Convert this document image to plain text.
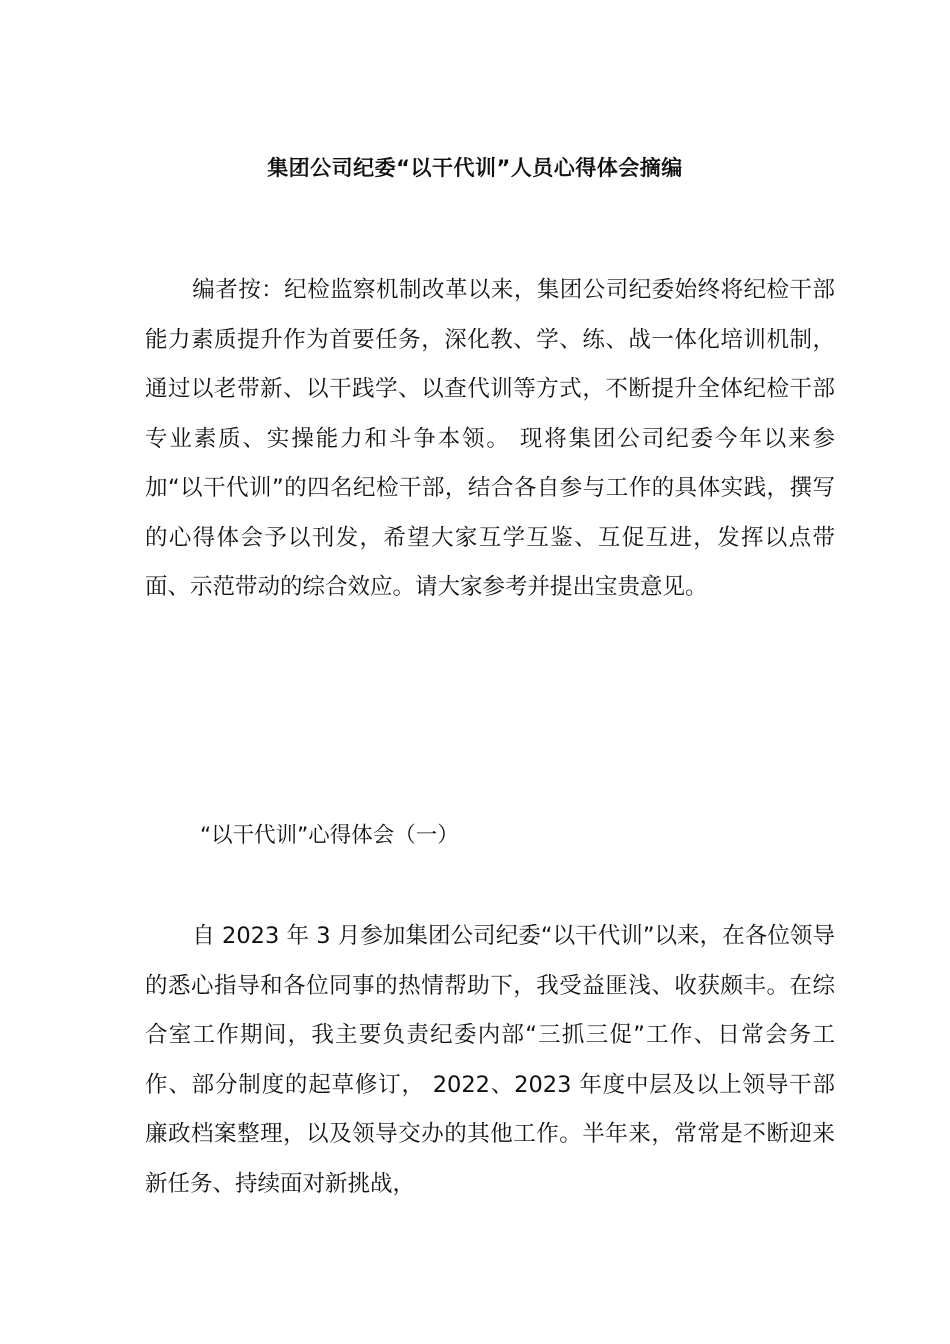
集团公司纪委“以干代训”人员心得体会摘编

编者按：纪检监察机制改革以来，集团公司纪委始终将纪检干部能力素质提升作为首要任务，深化教、学、练、战一体化培训机制，通过以老带新、以干践学、以查代训等方式，不断提升全体纪检干部专业素质、实操能力和斗争本领。 现将集团公司纪委今年以来参加“以干代训”的四名纪检干部，结合各自参与工作的具体实践，撰写的心得体会予以刊发，希望大家互学互鉴、互促互进，发挥以点带面、示范带动的综合效应。请大家参考并提出宝贵意见。

“以干代训”心得体会（一）

自 2023 年 3 月参加集团公司纪委“以干代训”以来，在各位领导的悉心指导和各位同事的热情帮助下，我受益匪浅、收获颇丰。在综合室工作期间，我主要负责纪委内部“三抓三促”工作、日常会务工作、部分制度的起草修订， 2022、2023 年度中层及以上领导干部廉政档案整理，以及领导交办的其他工作。半年来，常常是不断迎来新任务、持续面对新挑战，
